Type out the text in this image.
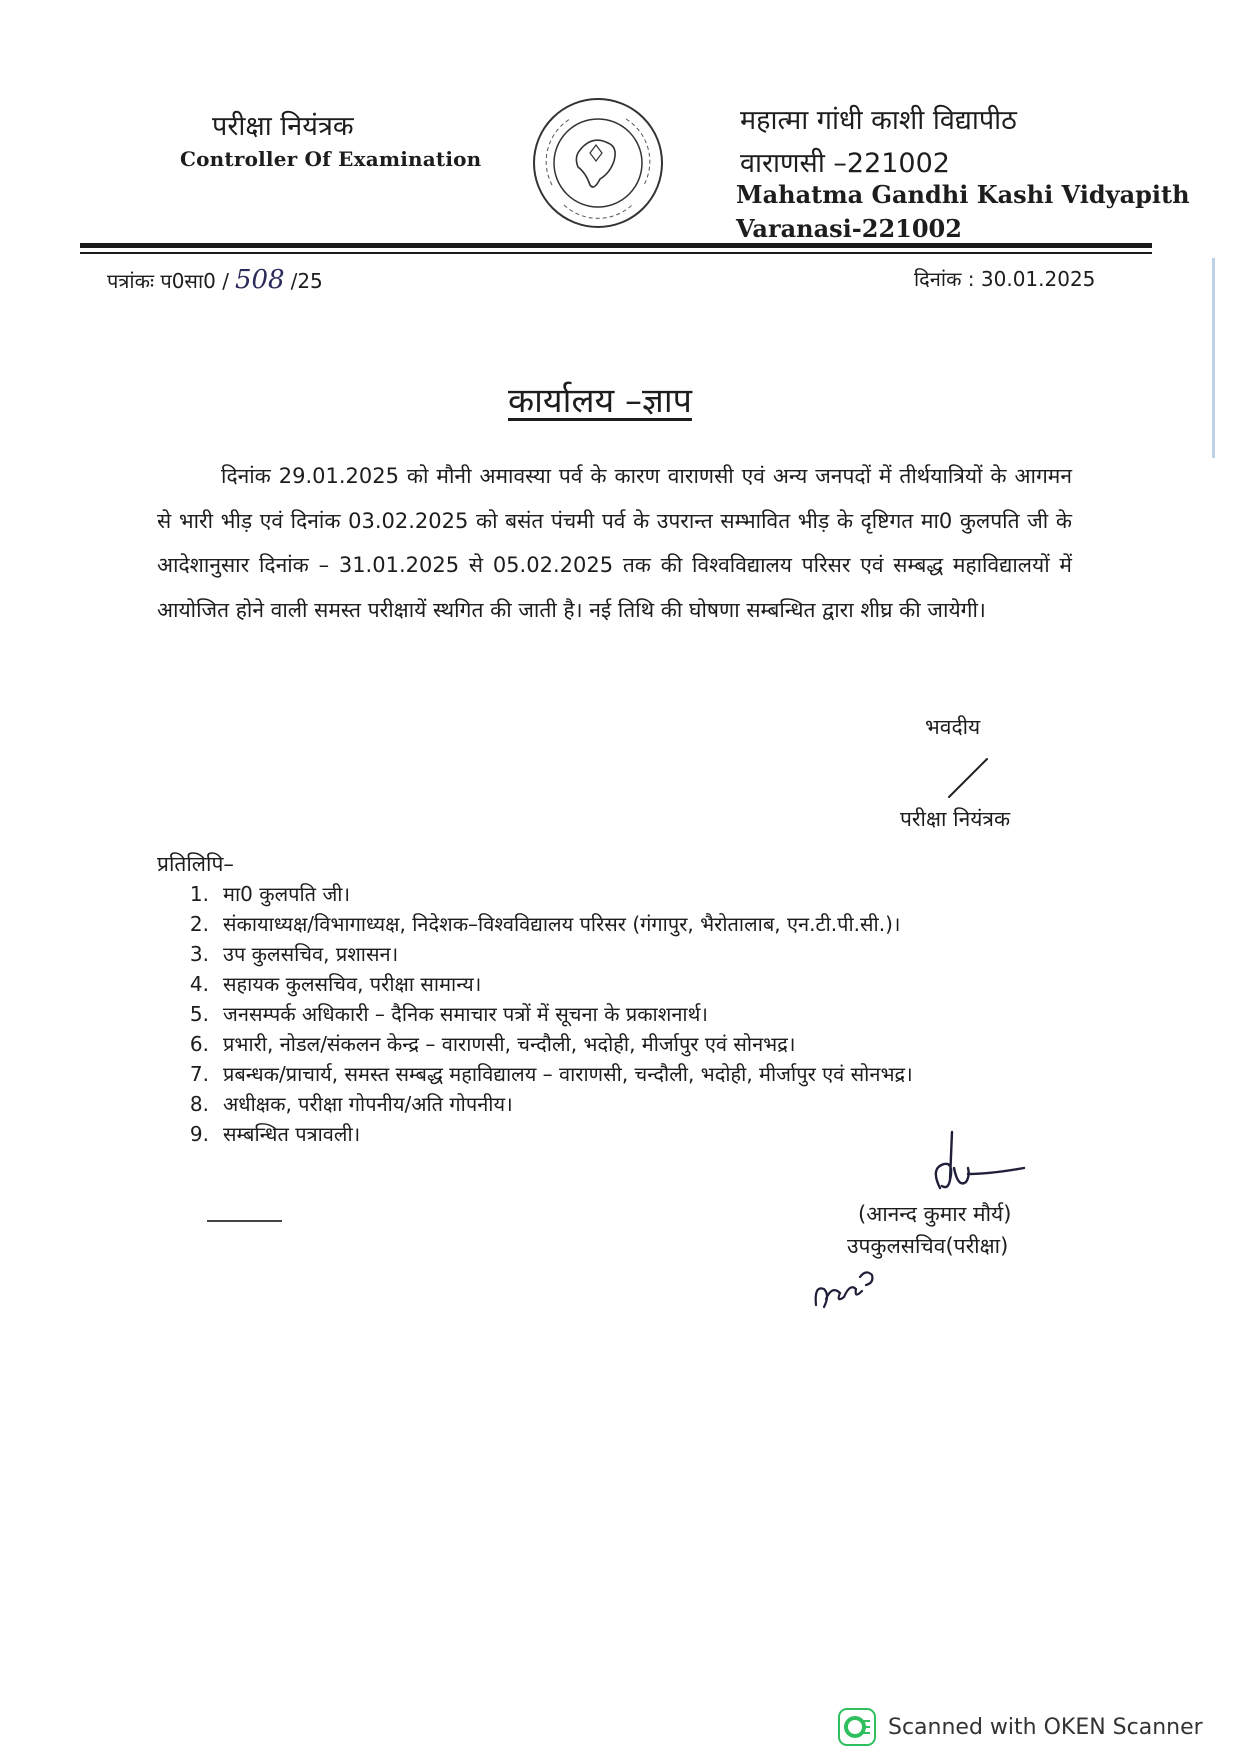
परीक्षा नियंत्रक
Controller Of Examination
महात्मा गांधी काशी विद्यापीठ
वाराणसी –221002
Mahatma Gandhi Kashi Vidyapith
Varanasi-221002
पत्रांकः प0सा0 / 508 /25	दिनांक : 30.01.2025
कार्यालय –ज्ञाप
दिनांक 29.01.2025 को मौनी अमावस्या पर्व के कारण वाराणसी एवं अन्य जनपदों में तीर्थयात्रियों के आगमन से भारी भीड़ एवं दिनांक 03.02.2025 को बसंत पंचमी पर्व के उपरान्त सम्भावित भीड़ के दृष्टिगत मा0 कुलपति जी के आदेशानुसार दिनांक – 31.01.2025 से 05.02.2025 तक की विश्वविद्यालय परिसर एवं सम्बद्ध महाविद्यालयों में आयोजित होने वाली समस्त परीक्षायें स्थगित की जाती है। नई तिथि की घोषणा सम्बन्धित द्वारा शीघ्र की जायेगी।
भवदीय
परीक्षा नियंत्रक
प्रतिलिपि–
1. मा0 कुलपति जी।
2. संकायाध्यक्ष/विभागाध्यक्ष, निदेशक–विश्वविद्यालय परिसर (गंगापुर, भैरोतालाब, एन.टी.पी.सी.)।
3. उप कुलसचिव, प्रशासन।
4. सहायक कुलसचिव, परीक्षा सामान्य।
5. जनसम्पर्क अधिकारी – दैनिक समाचार पत्रों में सूचना के प्रकाशनार्थ।
6. प्रभारी, नोडल/संकलन केन्द्र – वाराणसी, चन्दौली, भदोही, मीर्जापुर एवं सोनभद्र।
7. प्रबन्धक/प्राचार्य, समस्त सम्बद्ध महाविद्यालय – वाराणसी, चन्दौली, भदोही, मीर्जापुर एवं सोनभद्र।
8. अधीक्षक, परीक्षा गोपनीय/अति गोपनीय।
9. सम्बन्धित पत्रावली।
(आनन्द कुमार मौर्य)
उपकुलसचिव(परीक्षा)
Scanned with OKEN Scanner
